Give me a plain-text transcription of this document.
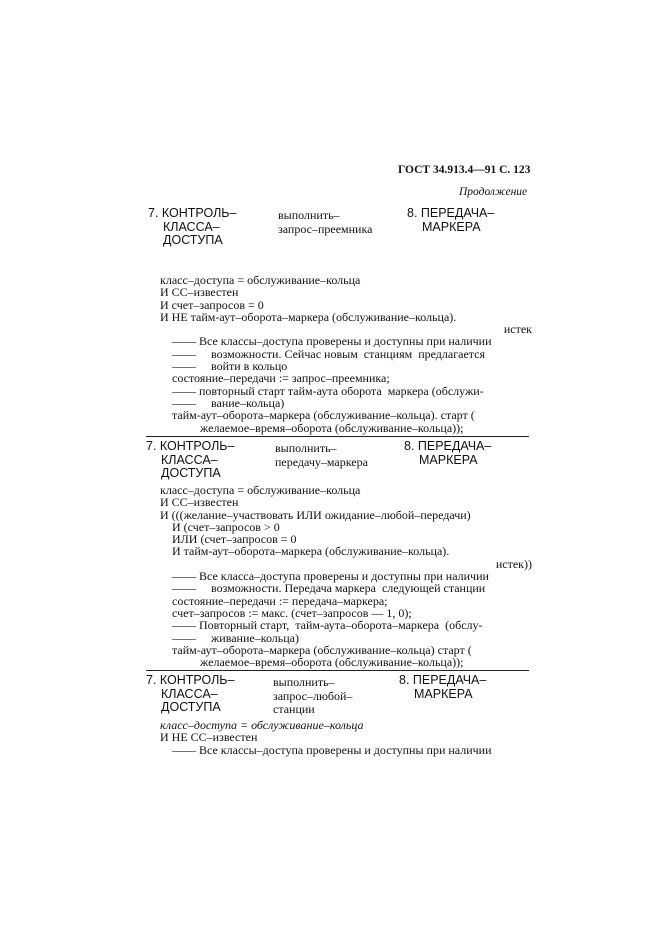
ГОСТ 34.913.4—91 С. 123
Продолжение
7. КОНТРОЛЬ–
КЛАССА–
ДОСТУПА
выполнить–
запрос–преемника
8. ПЕРЕДАЧА–
МАРКЕРА
класс–доступа = обслуживание–кольца
И СС–известен
И счет–запросов = 0
И НЕ тайм-аут–оборота–маркера (обслуживание–кольца).
истек
—— Все классы–доступа проверены и доступны при наличии
——     возможности. Сейчас новым  станциям  предлагается
——     войти в кольцо
состояние–передачи := запрос–преемника;
—— повторный старт тайм-аута оборота  маркера (обслужи-
——     вание–кольца)
тайм-аут–оборота–маркера (обслуживание–кольца). старт (
желаемое–время–оборота (обслуживание–кольца));
7. КОНТРОЛЬ–
КЛАССА–
ДОСТУПА
выполнить–
передачу–маркера
8. ПЕРЕДАЧА–
МАРКЕРА
класс–доступа = обслуживание–кольца
И СС–известен
И (((желание–участвовать ИЛИ ожидание–любой–передачи)
И (счет–запросов > 0
ИЛИ (счет–запросов = 0
И тайм-аут–оборота–маркера (обслуживание–кольца).
истек))
—— Все класса–доступа проверены и доступны при наличии
——     возможности. Передача маркера  следующей станции
состояние–передачи := передача–маркера;
счет–запросов := макс. (счет–запросов — 1, 0);
—— Повторный старт,  тайм-аута–оборота–маркера  (обслу-
——     живание–кольца)
тайм-аут–оборота–маркера (обслуживание–кольца) старт (
желаемое–время–оборота (обслуживание–кольца));
7. КОНТРОЛЬ–
КЛАССА–
ДОСТУПА
выполнить–
запрос–любой–
станции
8. ПЕРЕДАЧА–
МАРКЕРА
класс–доступа = обслуживание–кольца
И НЕ СС–известен
—— Все классы–доступа проверены и доступны при наличии
